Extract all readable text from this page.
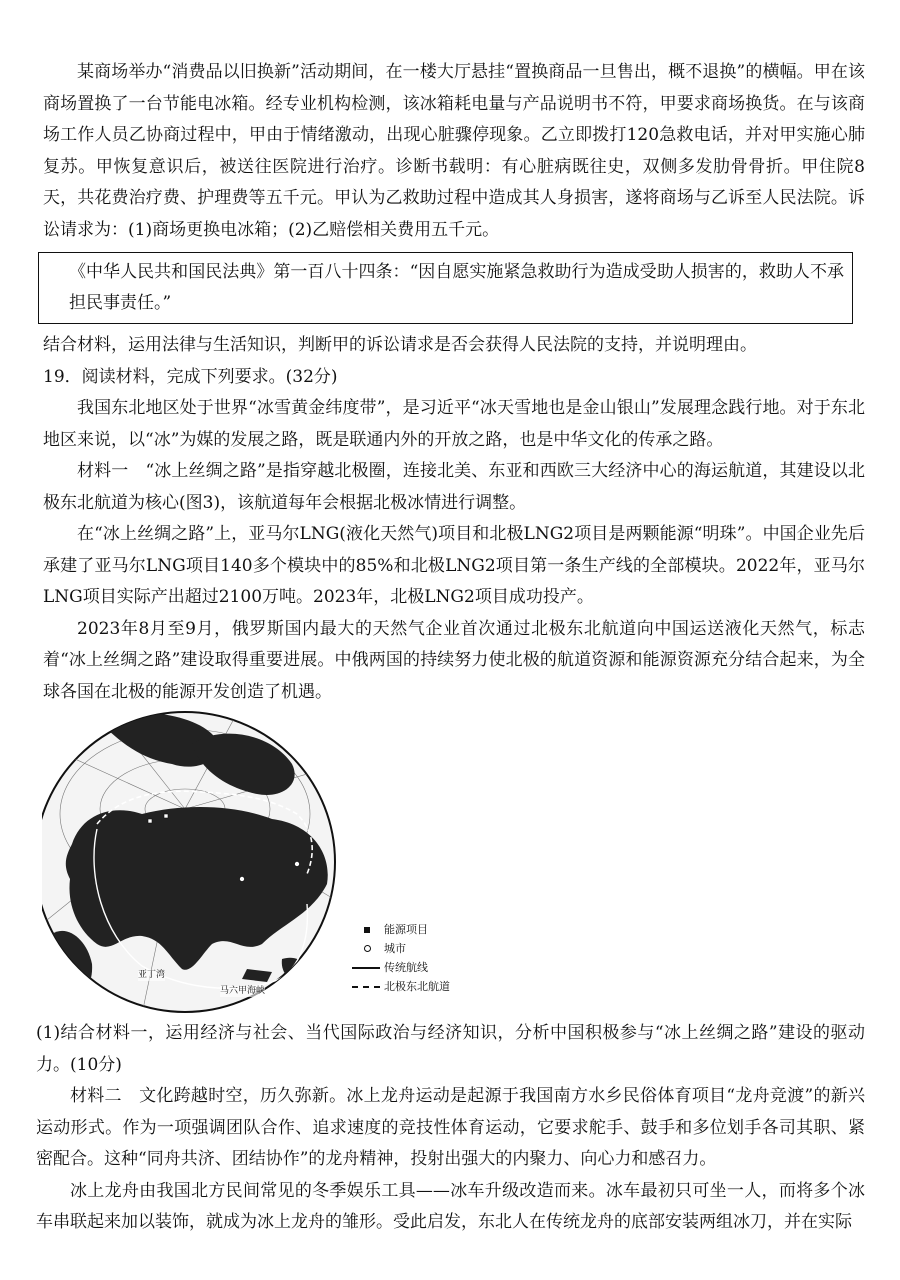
某商场举办“消费品以旧换新”活动期间，在一楼大厅悬挂“置换商品一旦售出，概不退换”的横幅。甲在该商场置换了一台节能电冰箱。经专业机构检测，该冰箱耗电量与产品说明书不符，甲要求商场换货。在与该商场工作人员乙协商过程中，甲由于情绪激动，出现心脏骤停现象。乙立即拨打120急救电话，并对甲实施心肺复苏。甲恢复意识后，被送往医院进行治疗。诊断书载明：有心脏病既往史，双侧多发肋骨骨折。甲住院8天，共花费治疗费、护理费等五千元。甲认为乙救助过程中造成其人身损害，遂将商场与乙诉至人民法院。诉讼请求为：(1)商场更换电冰箱；(2)乙赔偿相关费用五千元。

《中华人民共和国民法典》第一百八十四条：“因自愿实施紧急救助行为造成受助人损害的，救助人不承担民事责任。”

结合材料，运用法律与生活知识，判断甲的诉讼请求是否会获得人民法院的支持，并说明理由。

19．阅读材料，完成下列要求。(32分)

我国东北地区处于世界“冰雪黄金纬度带”，是习近平“冰天雪地也是金山银山”发展理念践行地。对于东北地区来说，以“冰”为媒的发展之路，既是联通内外的开放之路，也是中华文化的传承之路。

材料一　“冰上丝绸之路”是指穿越北极圈，连接北美、东亚和西欧三大经济中心的海运航道，其建设以北极东北航道为核心(图3)，该航道每年会根据北极冰情进行调整。

在“冰上丝绸之路”上，亚马尔LNG(液化天然气)项目和北极LNG2项目是两颗能源“明珠”。中国企业先后承建了亚马尔LNG项目140多个模块中的85%和北极LNG2项目第一条生产线的全部模块。2022年，亚马尔LNG项目实际产出超过2100万吨。2023年，北极LNG2项目成功投产。

2023年8月至9月，俄罗斯国内最大的天然气企业首次通过北极东北航道向中国运送液化天然气，标志着“冰上丝绸之路”建设取得重要进展。中俄两国的持续努力使北极的航道资源和能源资源充分结合起来，为全球各国在北极的能源开发创造了机遇。

亚丁湾
马六甲海峡
能源项目
城市
传统航线
北极东北航道

(1)结合材料一，运用经济与社会、当代国际政治与经济知识，分析中国积极参与“冰上丝绸之路”建设的驱动力。(10分)

材料二　文化跨越时空，历久弥新。冰上龙舟运动是起源于我国南方水乡民俗体育项目“龙舟竞渡”的新兴运动形式。作为一项强调团队合作、追求速度的竞技性体育运动，它要求舵手、鼓手和多位划手各司其职、紧密配合。这种“同舟共济、团结协作”的龙舟精神，投射出强大的内聚力、向心力和感召力。

冰上龙舟由我国北方民间常见的冬季娱乐工具——冰车升级改造而来。冰车最初只可坐一人，而将多个冰车串联起来加以装饰，就成为冰上龙舟的雏形。受此启发，东北人在传统龙舟的底部安装两组冰刀，并在实际
